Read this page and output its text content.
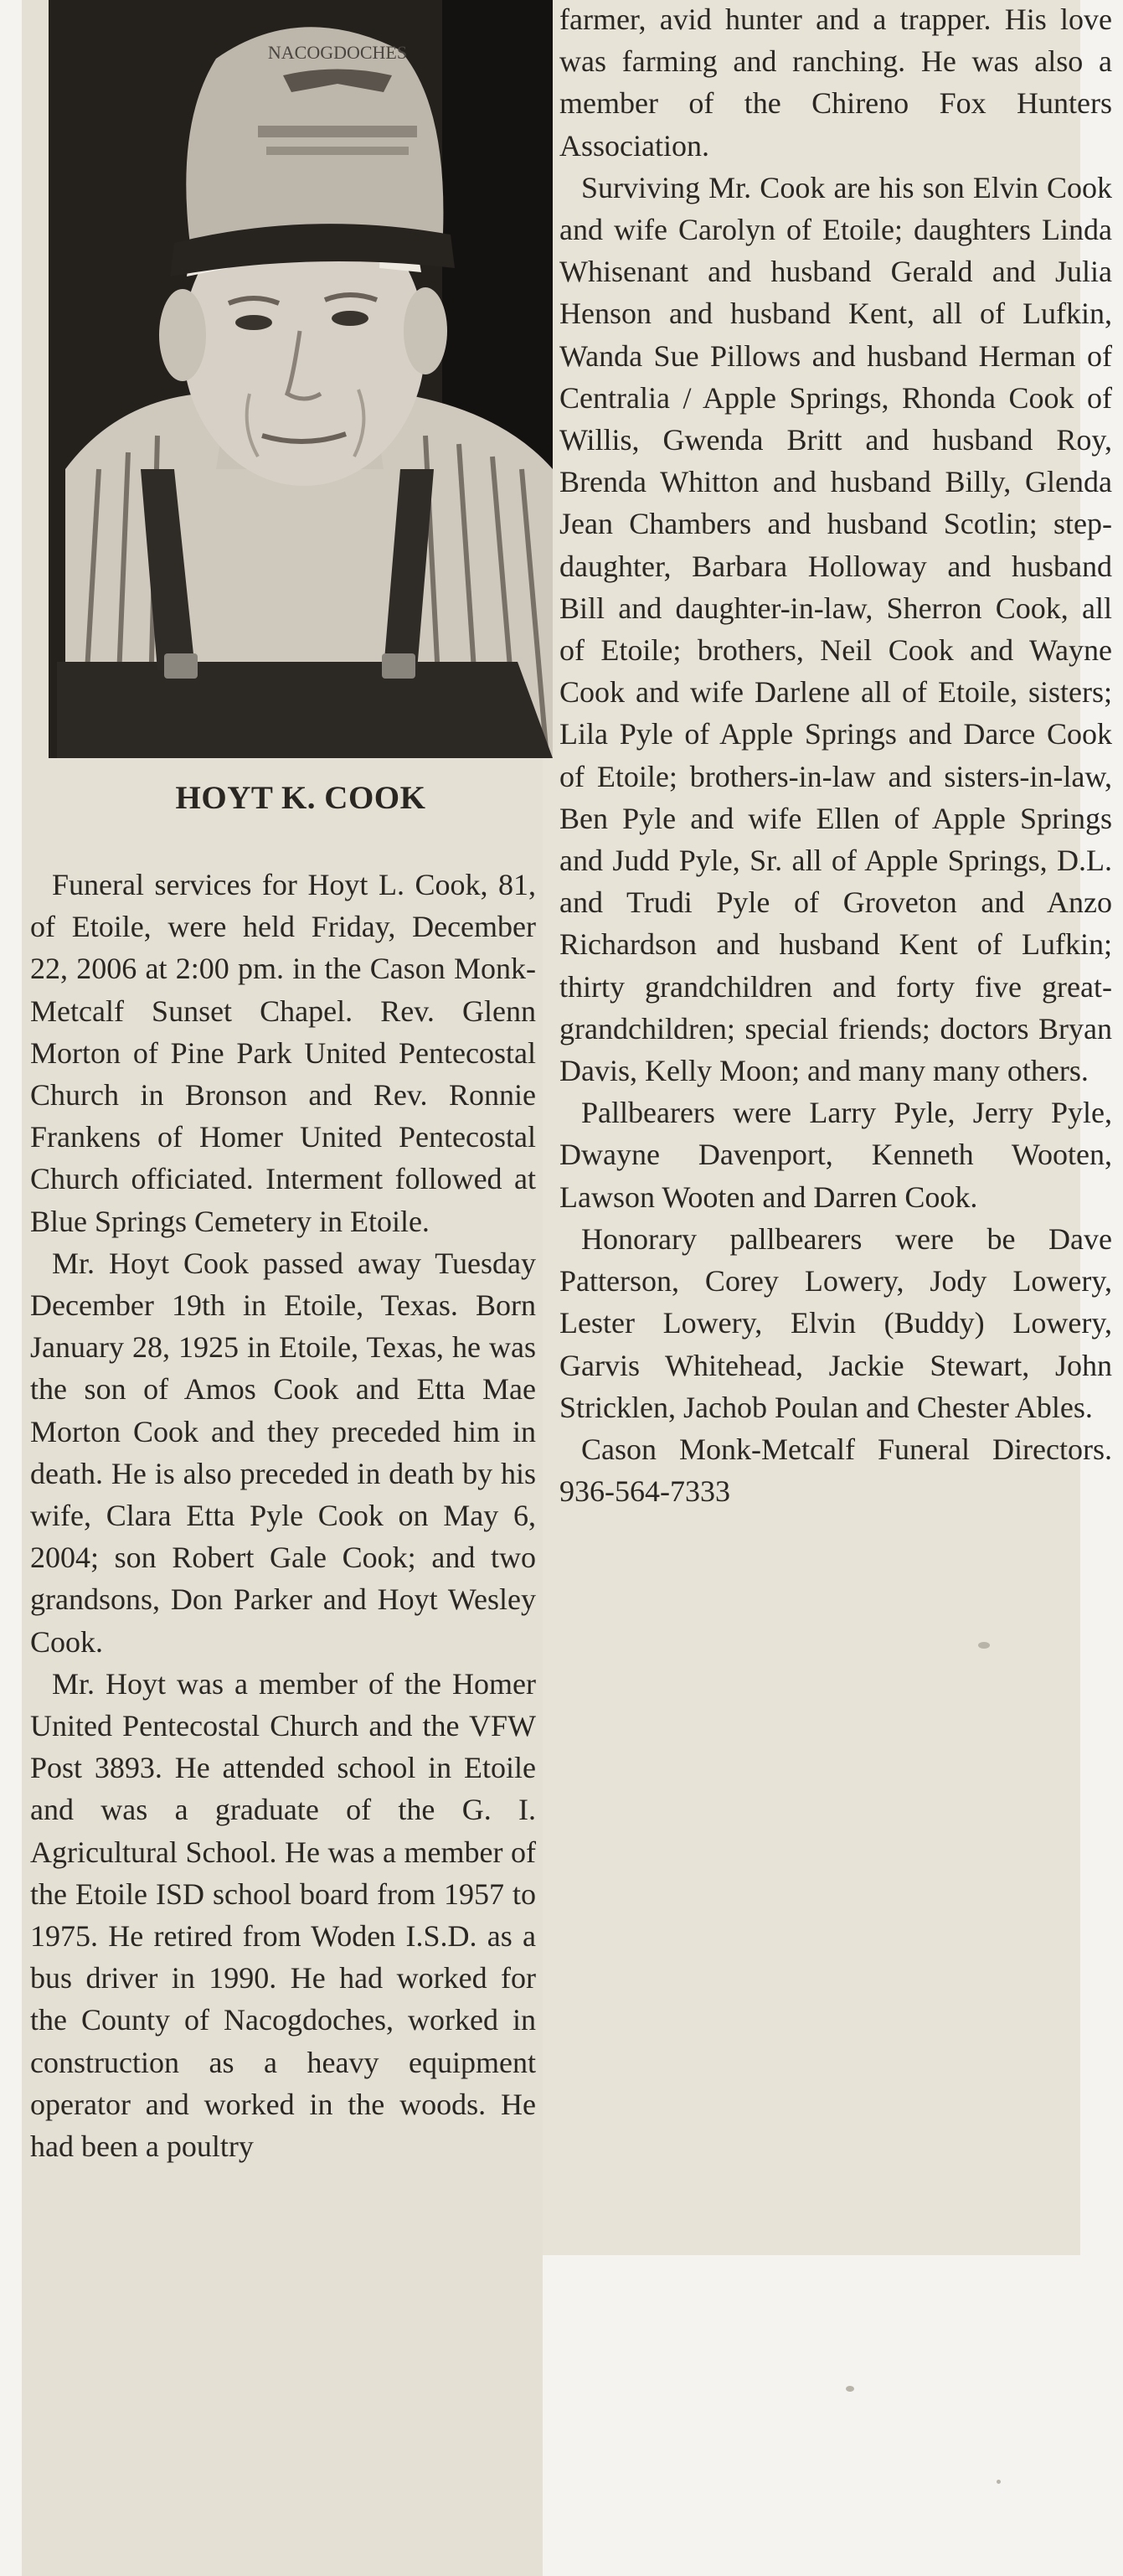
NACOGDOCHES

HOYT K. COOK

Funeral services for Hoyt L. Cook, 81, of Etoile, were held Friday, December 22, 2006 at 2:00 pm. in the Cason Monk-Metcalf Sunset Chapel. Rev. Glenn Morton of Pine Park United Pentecostal Church in Bronson and Rev. Ronnie Frankens of Homer United Pentecostal Church officiated. Interment followed at Blue Springs Cemetery in Etoile.

Mr. Hoyt Cook passed away Tuesday December 19th in Etoile, Texas. Born January 28, 1925 in Etoile, Texas, he was the son of Amos Cook and Etta Mae Morton Cook and they preceded him in death. He is also preceded in death by his wife, Clara Etta Pyle Cook on May 6, 2004; son Robert Gale Cook; and two grandsons, Don Parker and Hoyt Wesley Cook.

Mr. Hoyt was a member of the Homer United Pentecostal Church and the VFW Post 3893. He attended school in Etoile and was a graduate of the G. I. Agricultural School. He was a member of the Etoile ISD school board from 1957 to 1975. He retired from Woden I.S.D. as a bus driver in 1990. He had worked for the County of Nacogdoches, worked in construction as a heavy equipment operator and worked in the woods. He had been a poultry

farmer, avid hunter and a trapper. His love was farming and ranching. He was also a member of the Chireno Fox Hunters Association.

Surviving Mr. Cook are his son Elvin Cook and wife Carolyn of Etoile; daughters Linda Whisenant and husband Gerald and Julia Henson and husband Kent, all of Lufkin, Wanda Sue Pillows and husband Herman of Centralia / Apple Springs, Rhonda Cook of Willis, Gwenda Britt and husband Roy, Brenda Whitton and husband Billy, Glenda Jean Chambers and husband Scotlin; step-daughter, Barbara Holloway and husband Bill and daughter-in-law, Sherron Cook, all of Etoile; brothers, Neil Cook and Wayne Cook and wife Darlene all of Etoile, sisters; Lila Pyle of Apple Springs and Darce Cook of Etoile; brothers-in-law and sisters-in-law, Ben Pyle and wife Ellen of Apple Springs and Judd Pyle, Sr. all of Apple Springs, D.L. and Trudi Pyle of Groveton and Anzo Richardson and husband Kent of Lufkin; thirty grandchildren and forty five great-grandchildren; special friends; doctors Bryan Davis, Kelly Moon; and many many others.

Pallbearers were Larry Pyle, Jerry Pyle, Dwayne Davenport, Kenneth Wooten, Lawson Wooten and Darren Cook.

Honorary pallbearers were be Dave Patterson, Corey Lowery, Jody Lowery, Lester Lowery, Elvin (Buddy) Lowery, Garvis Whitehead, Jackie Stewart, John Stricklen, Jachob Poulan and Chester Ables.

Cason Monk-Metcalf Funeral Directors. 936-564-7333
